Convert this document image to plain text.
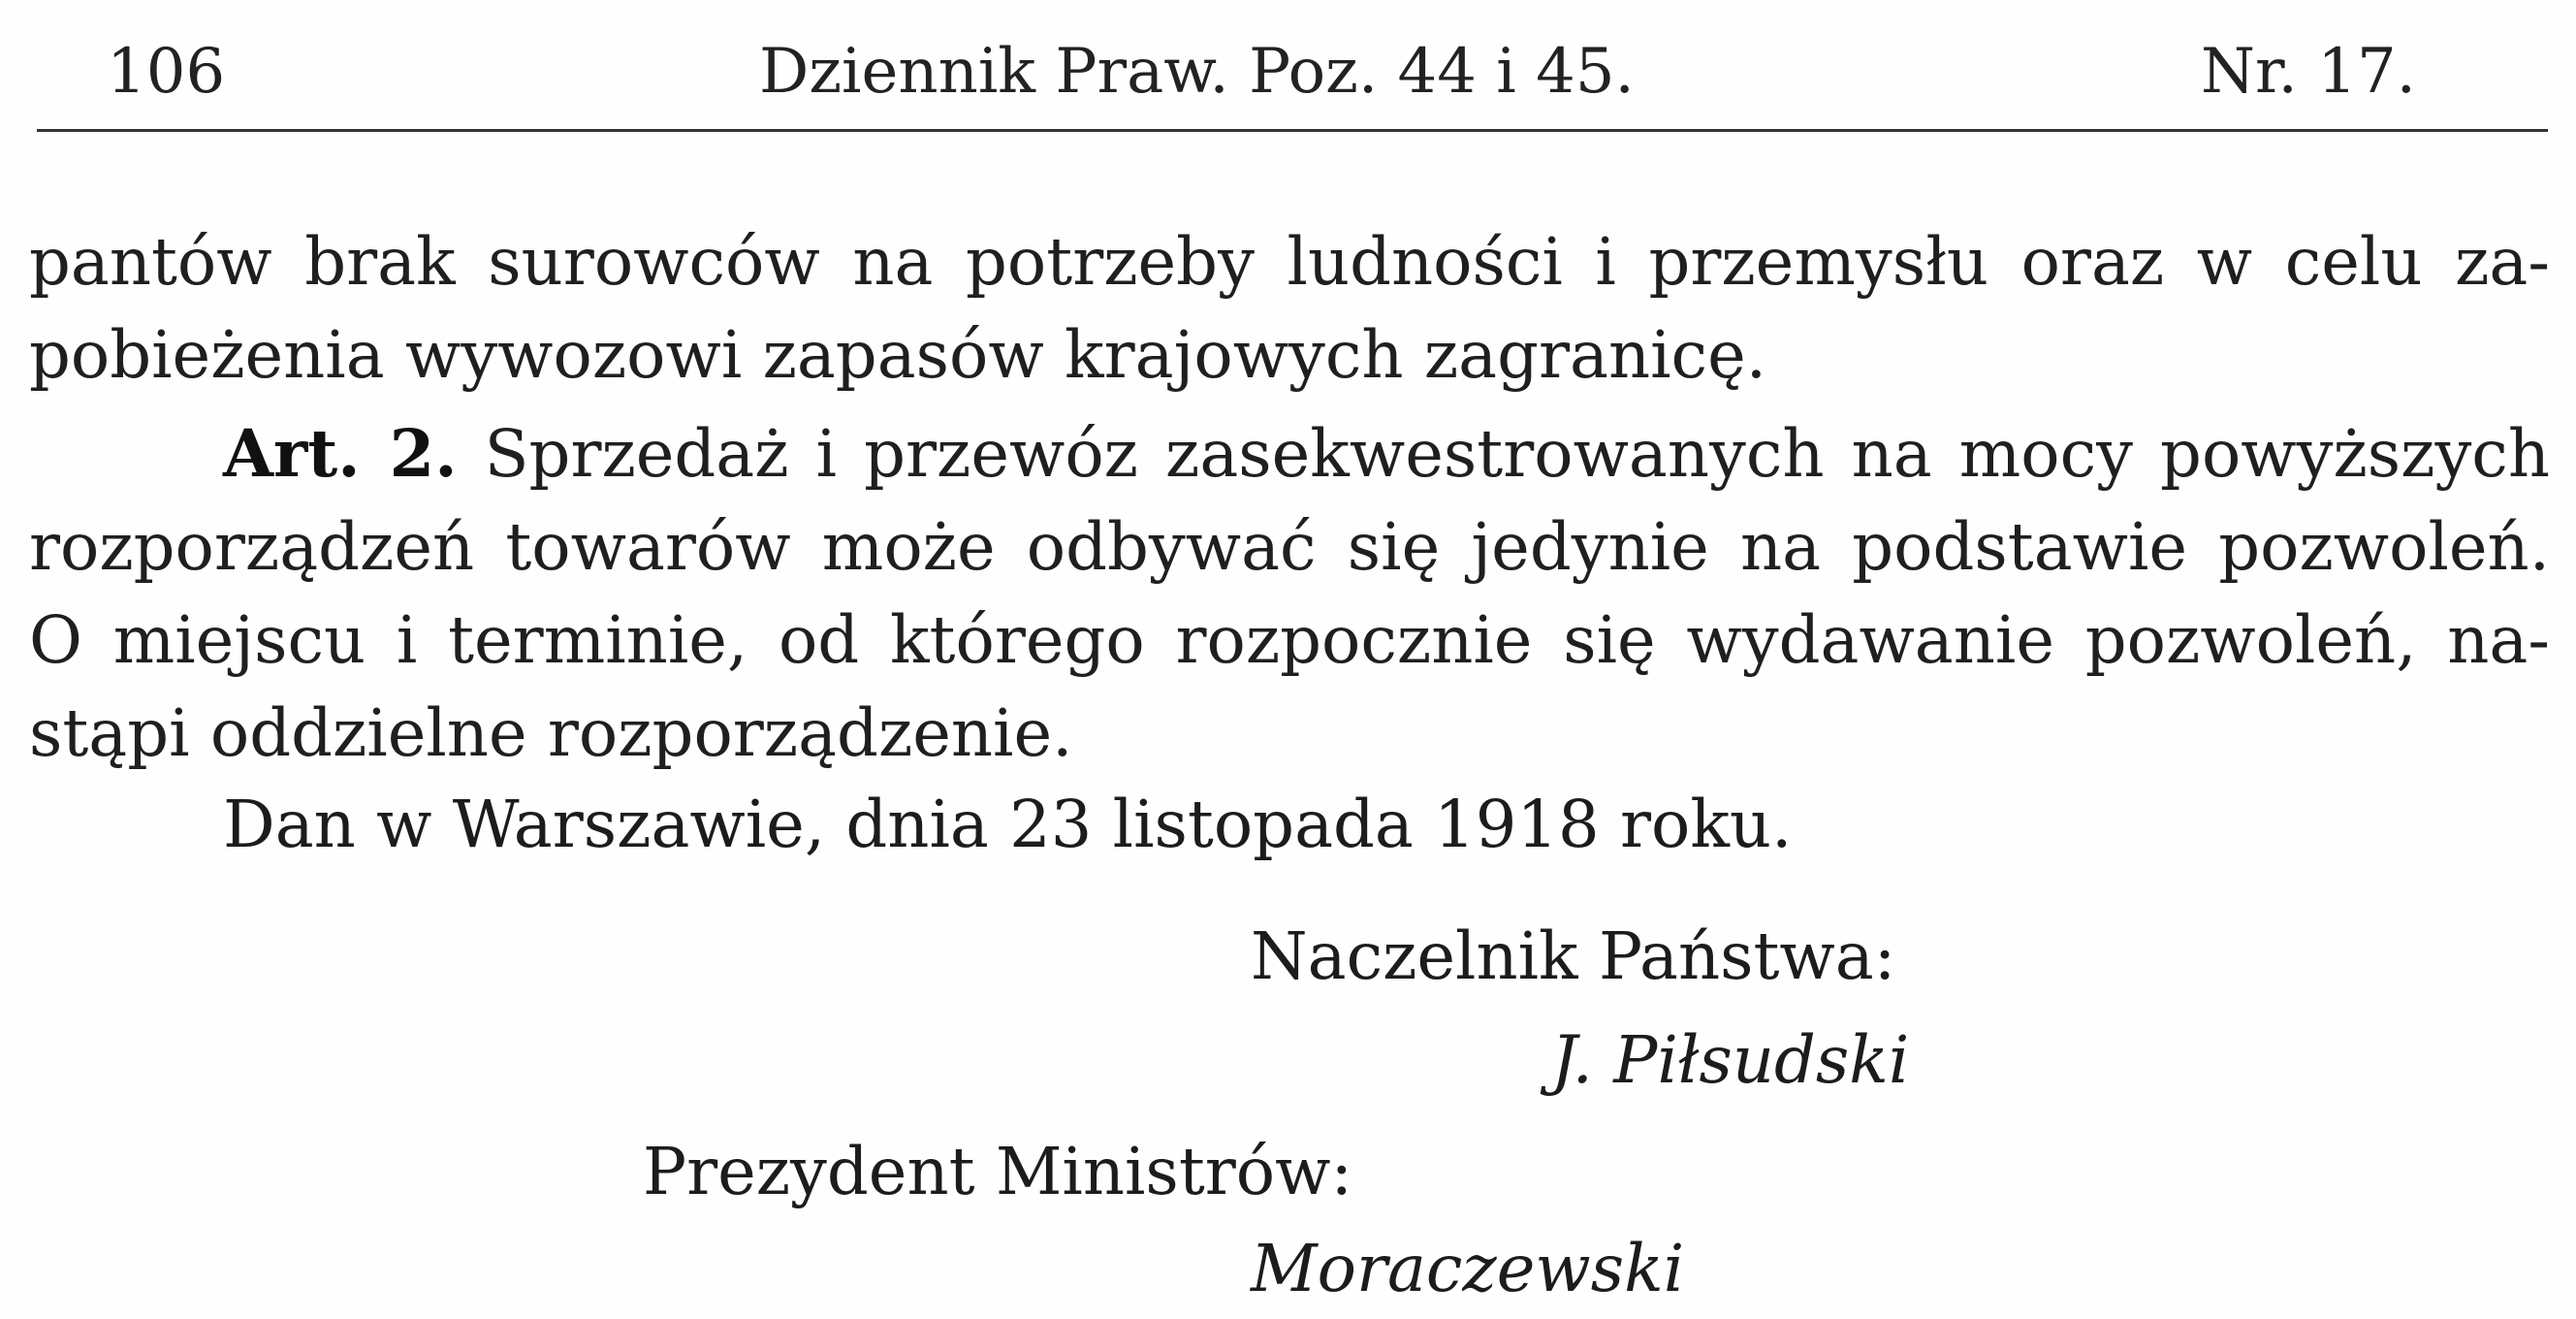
106	Dziennik Praw. Poz. 44 i 45.	Nr. 17.
pantów brak surowców na potrzeby ludności i przemysłu oraz w celu za-
pobieżenia wywozowi zapasów krajowych zagranicę.
Art. 2. Sprzedaż i przewóz zasekwestrowanych na mocy powyższych
rozporządzeń towarów może odbywać się jedynie na podstawie pozwoleń.
O miejscu i terminie, od którego rozpocznie się wydawanie pozwoleń, na-
stąpi oddzielne rozporządzenie.
Dan w Warszawie, dnia 23 listopada 1918 roku.
Naczelnik Państwa:
J. Piłsudski
Prezydent Ministrów:
Moraczewski
